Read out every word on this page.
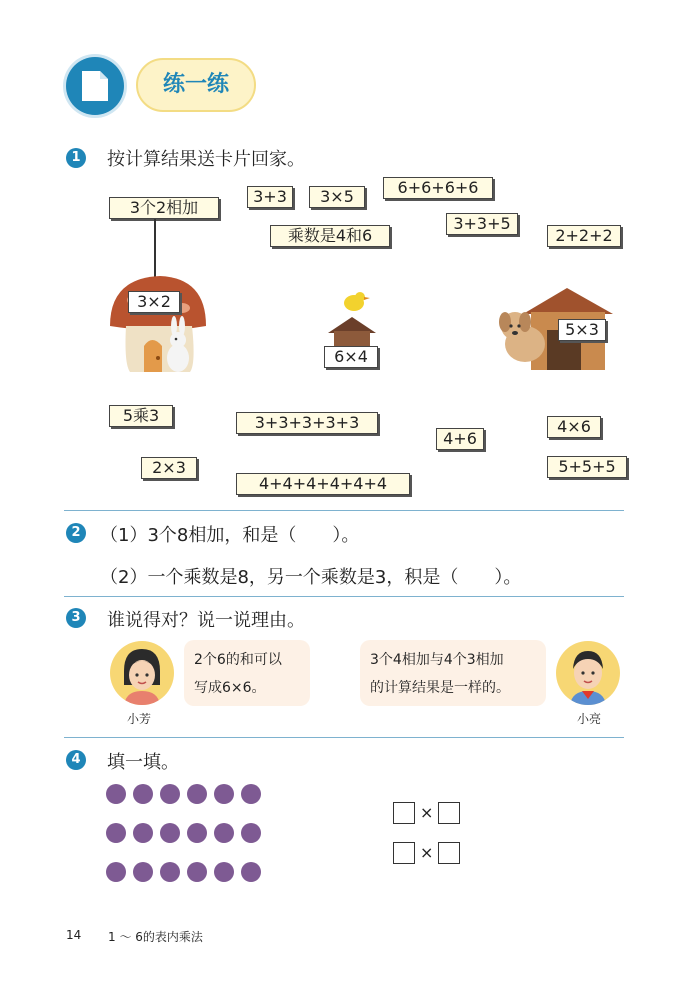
练一练
1	按计算结果送卡片回家。
3个2相加
3+3	3×5	6+6+6+6
3+3+5
2+2+2
乘数是4和6
3×2
6×4
5×3
5乘3	3+3+3+3+3
4+6
4×6
2×3
4+4+4+4+4+4
5+5+5
2	（1）3个8相加，和是（　　）。
（2）一个乘数是8，另一个乘数是3，积是（　　）。
3	谁说得对？说一说理由。
小芳
2个6的和可以
写成6×6。
3个4相加与4个3相加
的计算结果是一样的。
小亮
4	填一填。
×
×
14 1 ～ 6的表内乘法
